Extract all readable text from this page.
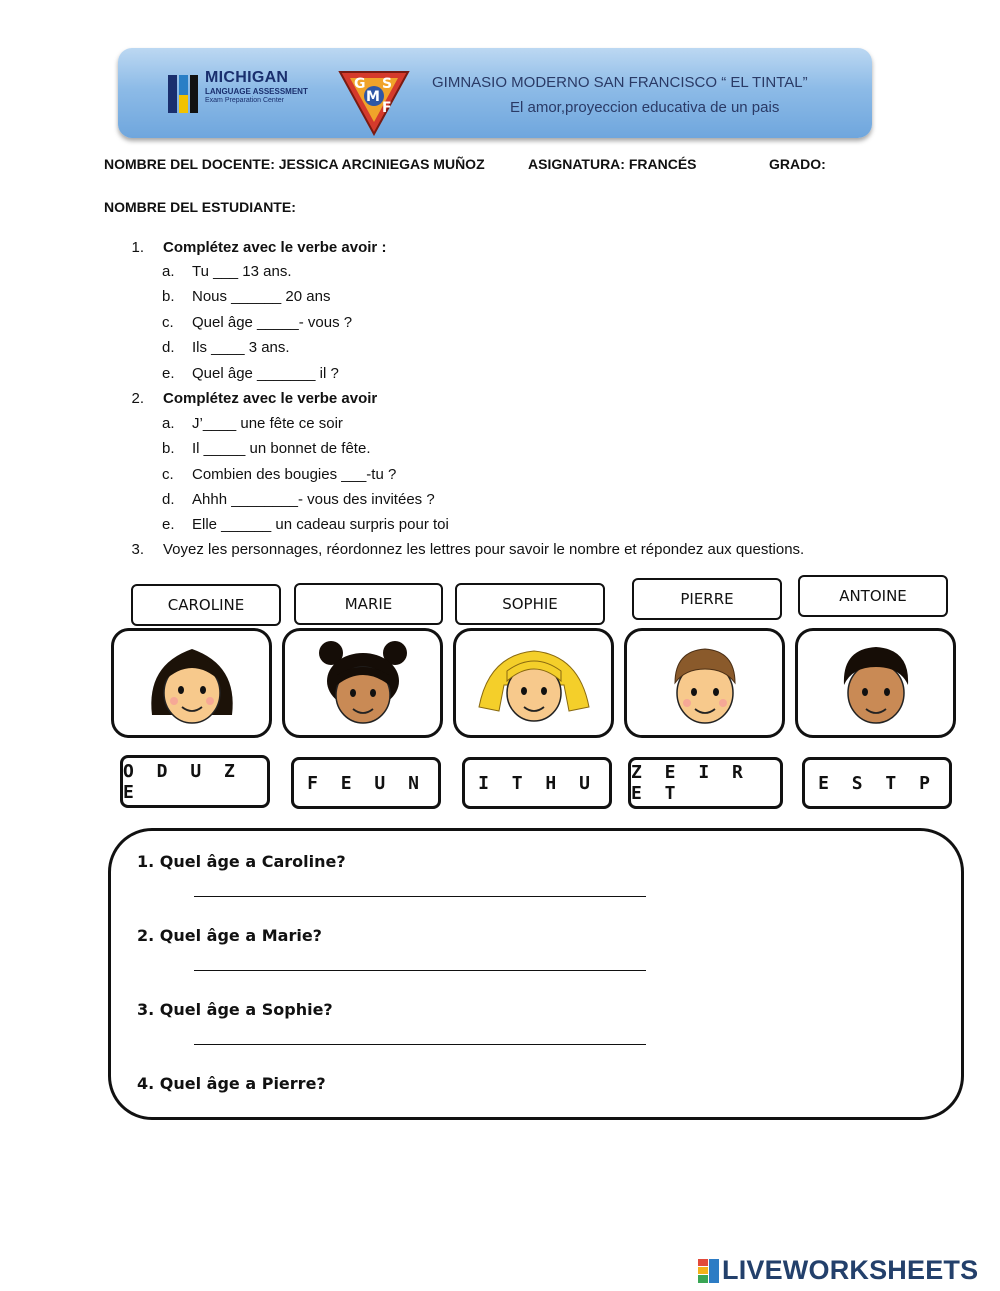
MICHIGAN
LANGUAGE ASSESSMENT
Exam Preparation Center
G
M
S
F
GIMNASIO MODERNO SAN FRANCISCO “ EL TINTAL”
El amor,proyeccion educativa de un pais
NOMBRE DEL DOCENTE: JESSICA ARCINIEGAS MUÑOZ	ASIGNATURA: FRANCÉS	GRADO:
NOMBRE DEL ESTUDIANTE:
1. Complétez avec le verbe avoir :
a. Tu ___ 13 ans.
b. Nous ______ 20 ans
c. Quel âge _____- vous ?
d. Ils ____ 3 ans.
e. Quel âge _______ il ?
2. Complétez avec le verbe avoir
a. J’____ une fête ce soir
b. Il _____ un bonnet de fête.
c. Combien des bougies ___-tu ?
d. Ahhh ________- vous des invitées ?
e. Elle ______ un cadeau surpris pour toi
3. Voyez les personnages, réordonnez les lettres pour savoir le nombre et répondez aux questions.
CAROLINE	MARIE	SOPHIE	PIERRE	ANTOINE
O D U Z E	F E U N	I T H U	Z E I R E T	E S T P
1. Quel âge a Caroline?
2. Quel âge a Marie?
3. Quel âge a Sophie?
4. Quel âge a Pierre?
LIVEWORKSHEETS
